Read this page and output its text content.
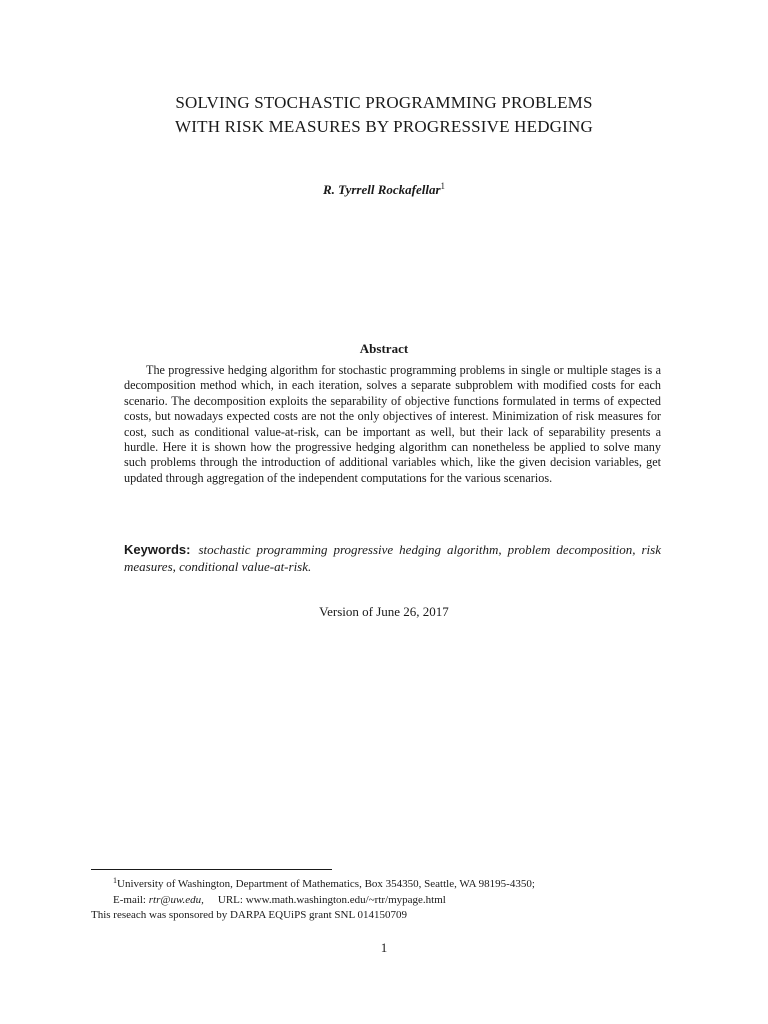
SOLVING STOCHASTIC PROGRAMMING PROBLEMS
WITH RISK MEASURES BY PROGRESSIVE HEDGING
R. Tyrrell Rockafellar$^1$
Abstract

The progressive hedging algorithm for stochastic programming problems in single or multiple stages is a decomposition method which, in each iteration, solves a separate subproblem with modified costs for each scenario. The decomposition exploits the separability of objective functions formulated in terms of expected costs, but nowadays expected costs are not the only objectives of interest. Minimization of risk measures for cost, such as conditional value-at-risk, can be important as well, but their lack of separability presents a hurdle. Here it is shown how the progressive hedging algorithm can nonetheless be applied to solve many such problems through the introduction of additional variables which, like the given decision variables, get updated through aggregation of the independent computations for the various scenarios.

Keywords: stochastic programming progressive hedging algorithm, problem decomposition, risk measures, conditional value-at-risk.

Version of June 26, 2017
$^1$University of Washington, Department of Mathematics, Box 354350, Seattle, WA 98195-4350;
E-mail: rtr@uw.edu, URL: www.math.washington.edu/~rtr/mypage.html
This reseach was sponsored by DARPA EQUiPS grant SNL 014150709
1
